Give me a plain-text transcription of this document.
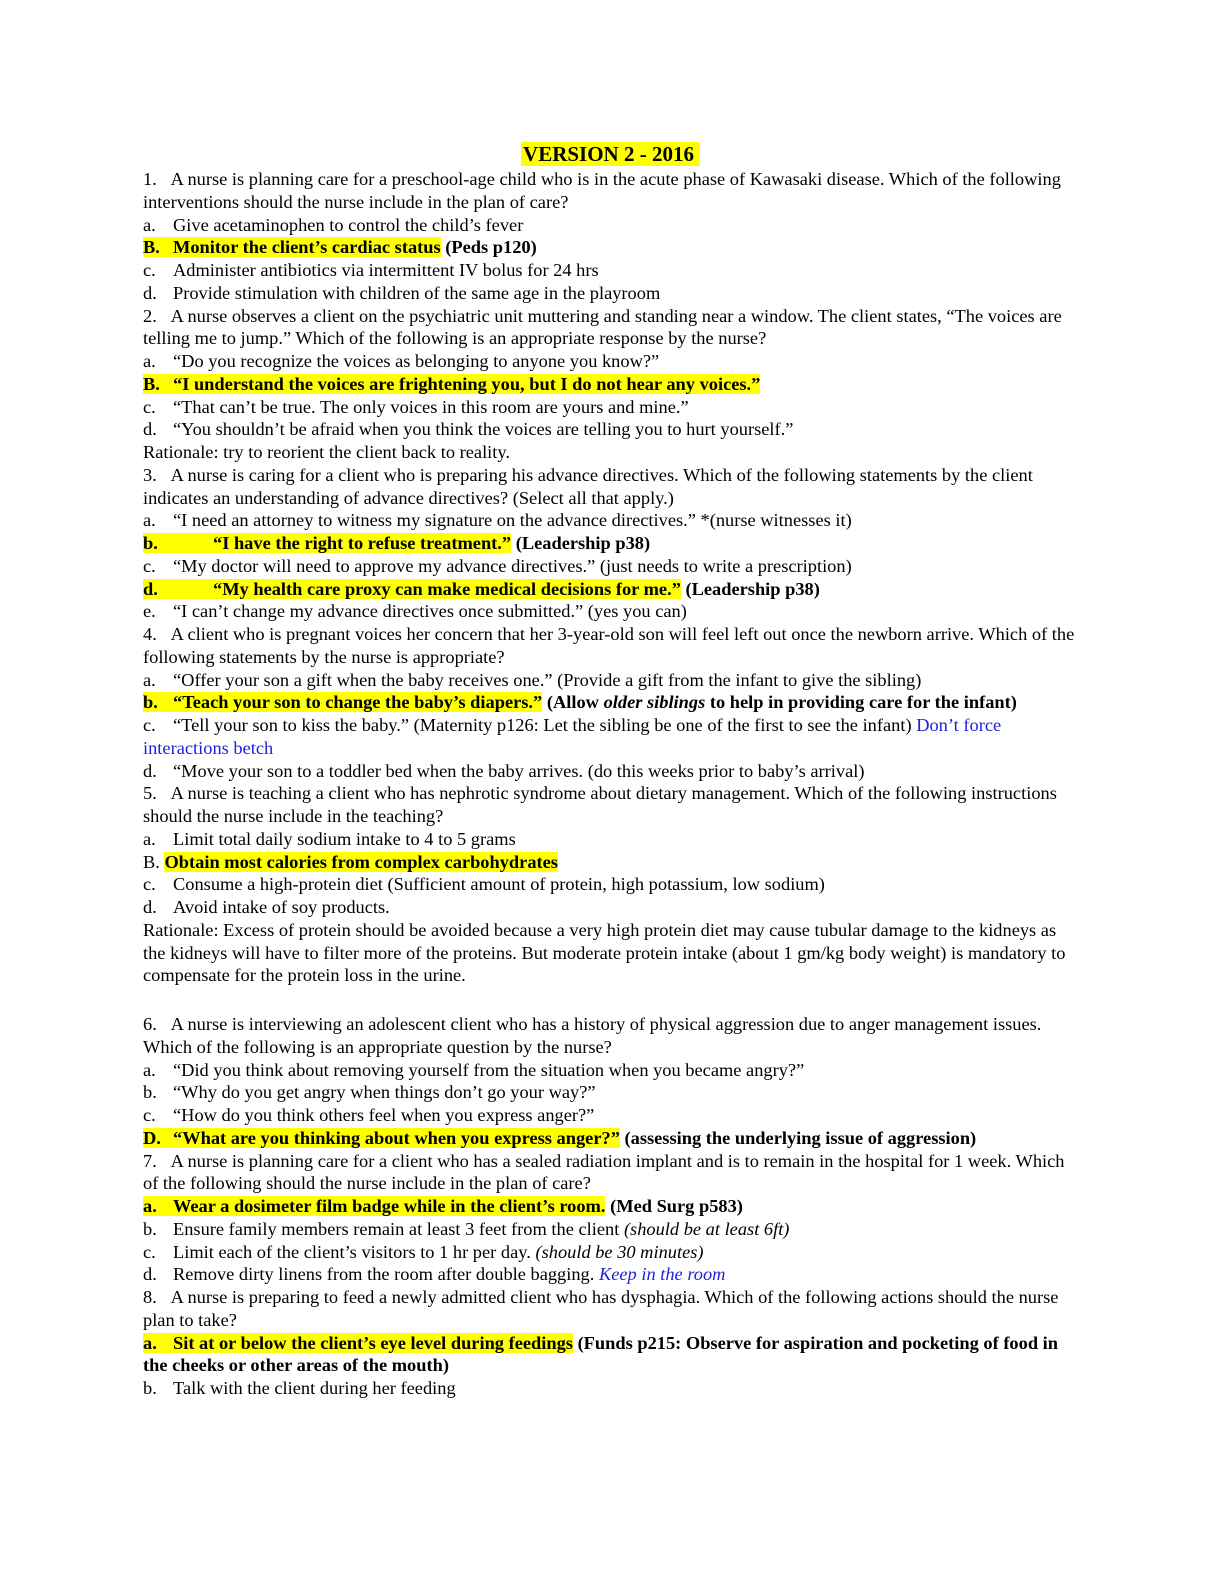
VERSION 2 - 2016
1.   A nurse is planning care for a preschool-age child who is in the acute phase of Kawasaki disease. Which of the following interventions should the nurse include in the plan of care?
a. Give acetaminophen to control the child’s fever
B. Monitor the client’s cardiac status (Peds p120)
c. Administer antibiotics via intermittent IV bolus for 24 hrs
d. Provide stimulation with children of the same age in the playroom
2.   A nurse observes a client on the psychiatric unit muttering and standing near a window. The client states, “The voices are telling me to jump.” Which of the following is an appropriate response by the nurse?
a. “Do you recognize the voices as belonging to anyone you know?”
B. “I understand the voices are frightening you, but I do not hear any voices.”
c. “That can’t be true. The only voices in this room are yours and mine.”
d. “You shouldn’t be afraid when you think the voices are telling you to hurt yourself.”
Rationale: try to reorient the client back to reality.
3.   A nurse is caring for a client who is preparing his advance directives. Which of the following statements by the client indicates an understanding of advance directives? (Select all that apply.)
a. “I need an attorney to witness my signature on the advance directives.” *(nurse witnesses it)
b.	“I have the right to refuse treatment.” (Leadership p38)
c. “My doctor will need to approve my advance directives.” (just needs to write a prescription)
d.	“My health care proxy can make medical decisions for me.” (Leadership p38)
e. “I can’t change my advance directives once submitted.” (yes you can)
4.   A client who is pregnant voices her concern that her 3-year-old son will feel left out once the newborn arrive. Which of the following statements by the nurse is appropriate?
a. “Offer your son a gift when the baby receives one.” (Provide a gift from the infant to give the sibling)
b. “Teach your son to change the baby’s diapers.” (Allow older siblings to help in providing care for the infant)
c. “Tell your son to kiss the baby.” (Maternity p126: Let the sibling be one of the first to see the infant) Don’t force interactions betch
d. “Move your son to a toddler bed when the baby arrives. (do this weeks prior to baby’s arrival)
5.   A nurse is teaching a client who has nephrotic syndrome about dietary management. Which of the following instructions should the nurse include in the teaching?
a. Limit total daily sodium intake to 4 to 5 grams
B. Obtain most calories from complex carbohydrates
c. Consume a high-protein diet (Sufficient amount of protein, high potassium, low sodium)
d. Avoid intake of soy products.
Rationale: Excess of protein should be avoided because a very high protein diet may cause tubular damage to the kidneys as the kidneys will have to filter more of the proteins. But moderate protein intake (about 1 gm/kg body weight) is mandatory to compensate for the protein loss in the urine.
6.   A nurse is interviewing an adolescent client who has a history of physical aggression due to anger management issues. Which of the following is an appropriate question by the nurse?
a. “Did you think about removing yourself from the situation when you became angry?”
b. “Why do you get angry when things don’t go your way?”
c. “How do you think others feel when you express anger?”
D. “What are you thinking about when you express anger?” (assessing the underlying issue of aggression)
7.   A nurse is planning care for a client who has a sealed radiation implant and is to remain in the hospital for 1 week. Which of the following should the nurse include in the plan of care?
a. Wear a dosimeter film badge while in the client’s room. (Med Surg p583)
b. Ensure family members remain at least 3 feet from the client (should be at least 6ft)
c. Limit each of the client’s visitors to 1 hr per day. (should be 30 minutes)
d. Remove dirty linens from the room after double bagging. Keep in the room
8.   A nurse is preparing to feed a newly admitted client who has dysphagia. Which of the following actions should the nurse plan to take?
a. Sit at or below the client’s eye level during feedings (Funds p215: Observe for aspiration and pocketing of food in the cheeks or other areas of the mouth)
b. Talk with the client during her feeding
